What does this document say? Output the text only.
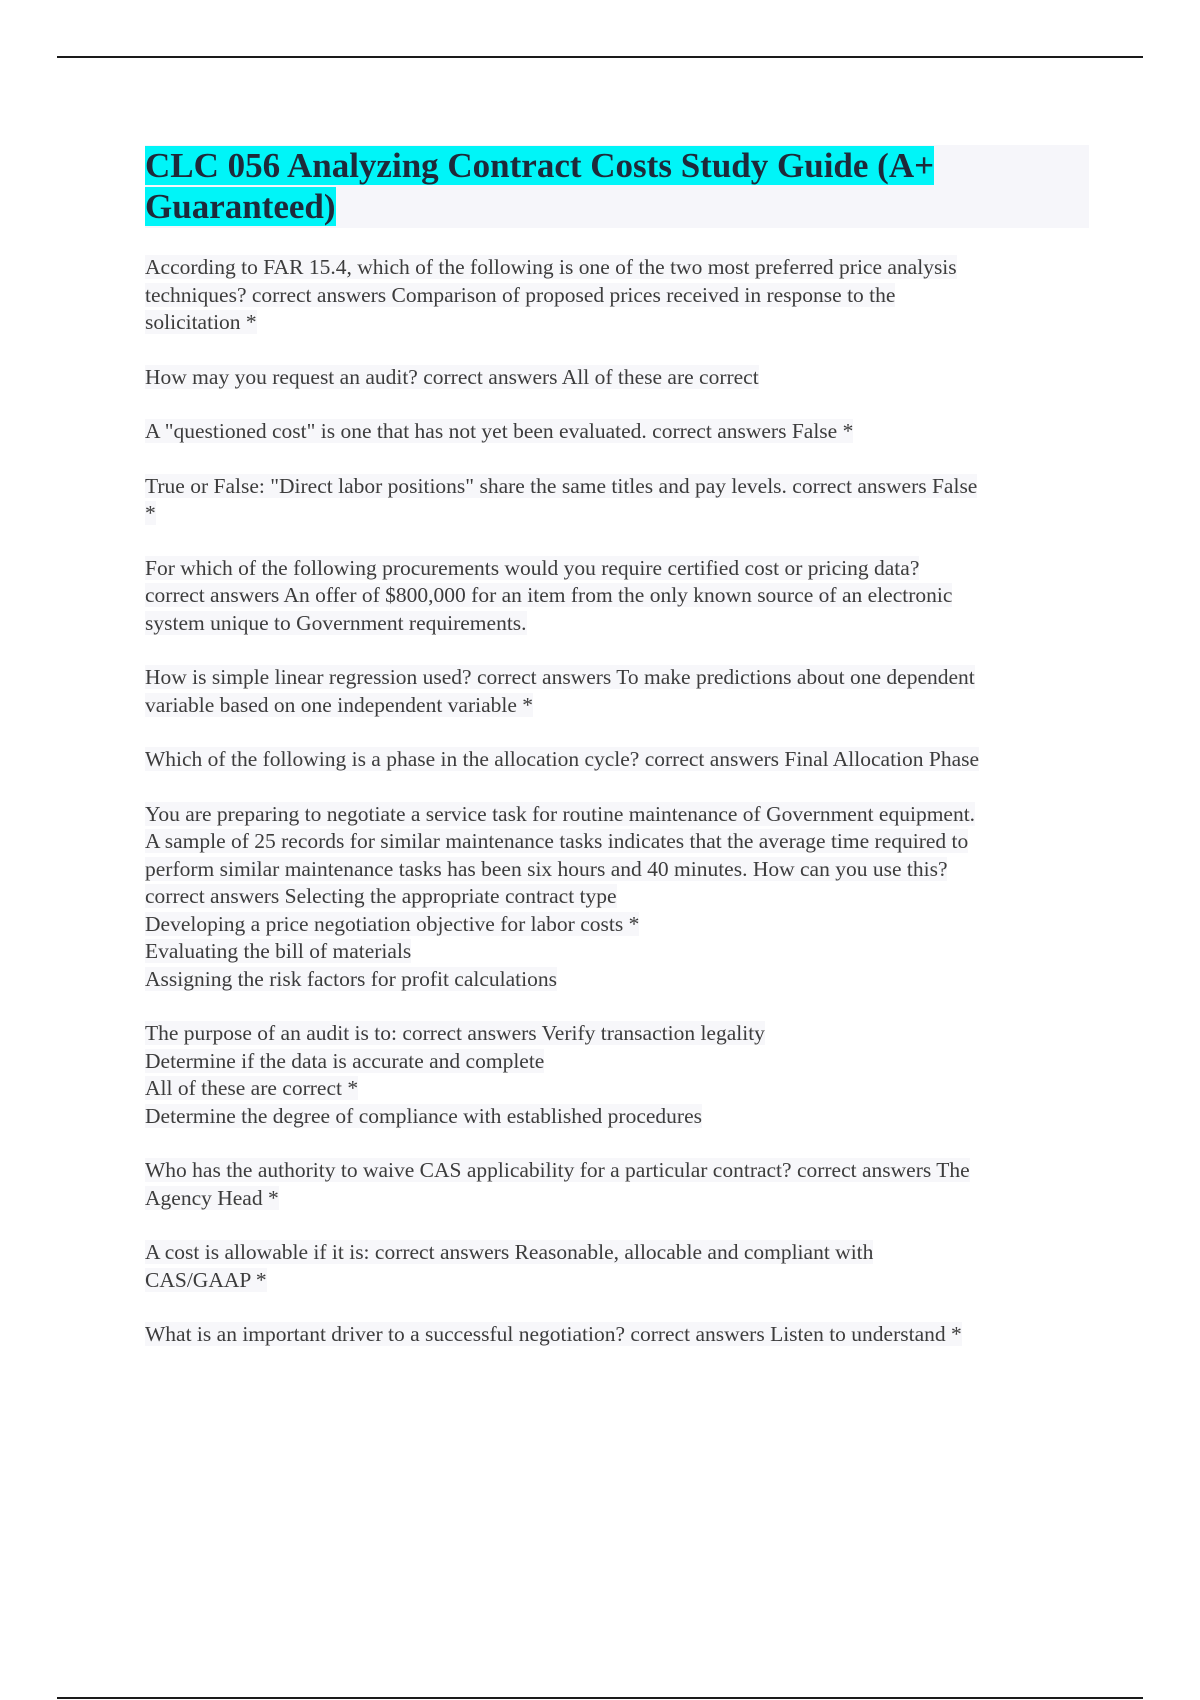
CLC 056 Analyzing Contract Costs Study Guide (A+
Guaranteed)

According to FAR 15.4, which of the following is one of the two most preferred price analysis
techniques? correct answers Comparison of proposed prices received in response to the
solicitation *

How may you request an audit? correct answers All of these are correct

A "questioned cost" is one that has not yet been evaluated. correct answers False *

True or False: "Direct labor positions" share the same titles and pay levels. correct answers False
*

For which of the following procurements would you require certified cost or pricing data?
correct answers An offer of $800,000 for an item from the only known source of an electronic
system unique to Government requirements.

How is simple linear regression used? correct answers To make predictions about one dependent
variable based on one independent variable *

Which of the following is a phase in the allocation cycle? correct answers Final Allocation Phase

You are preparing to negotiate a service task for routine maintenance of Government equipment.
A sample of 25 records for similar maintenance tasks indicates that the average time required to
perform similar maintenance tasks has been six hours and 40 minutes. How can you use this?
correct answers Selecting the appropriate contract type
Developing a price negotiation objective for labor costs *
Evaluating the bill of materials
Assigning the risk factors for profit calculations

The purpose of an audit is to: correct answers Verify transaction legality
Determine if the data is accurate and complete
All of these are correct *
Determine the degree of compliance with established procedures

Who has the authority to waive CAS applicability for a particular contract? correct answers The
Agency Head *

A cost is allowable if it is: correct answers Reasonable, allocable and compliant with
CAS/GAAP *

What is an important driver to a successful negotiation? correct answers Listen to understand *
